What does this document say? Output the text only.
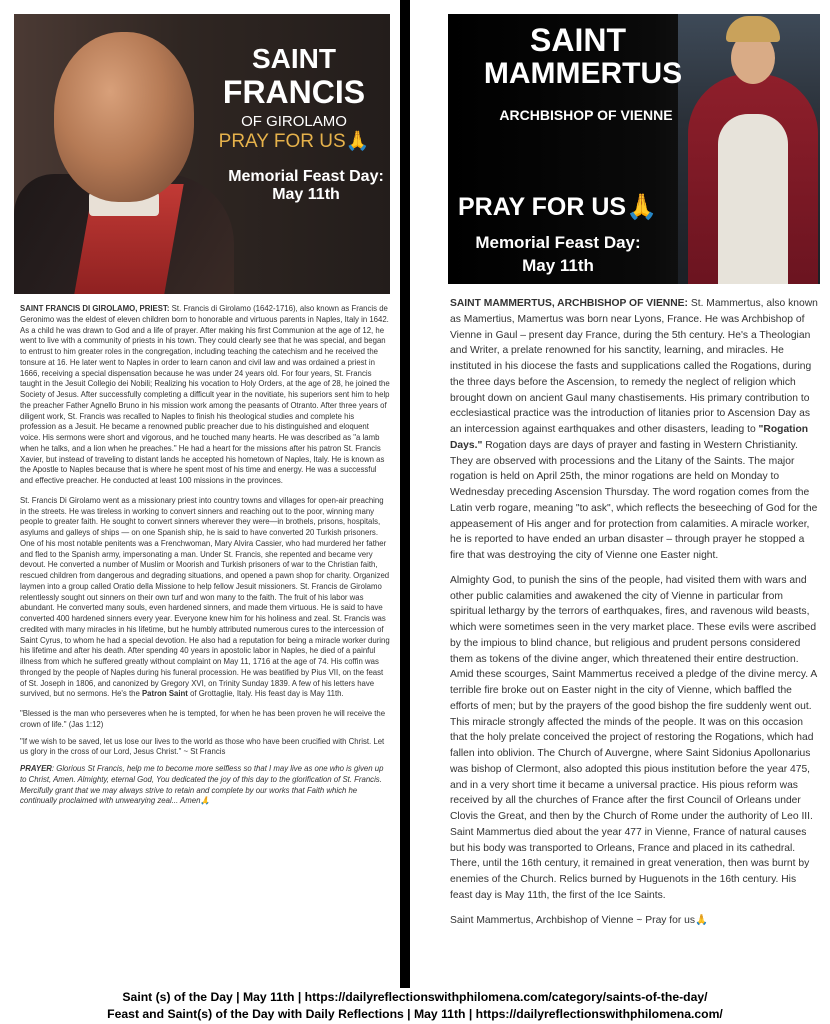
SAINT
FRANCIS
OF GIROLAMO
PRAY FOR US🙏
Memorial Feast Day:
May 11th

SAINT FRANCIS DI GIROLAMO, PRIEST: St. Francis di Girolamo (1642-1716), also known as Francis de Geronimo was the eldest of eleven children born to honorable and virtuous parents in Naples, Italy in 1642. As a child he was drawn to God and a life of prayer. After making his first Communion at the age of 12, he went to live with a community of priests in his town. They could clearly see that he was special, and began to entrust to him greater roles in the congregation, including teaching the catechism and he received the tonsure at 16. He later went to Naples in order to learn canon and civil law and was ordained a priest in 1666, receiving a special dispensation because he was under 24 years old. For four years, St. Francis taught in the Jesuit Collegio dei Nobili; Realizing his vocation to Holy Orders, at the age of 28, he joined the Society of Jesus. After successfully completing a difficult year in the novitiate, his superiors sent him to help the preacher Father Agnello Bruno in his mission work among the peasants of Otranto. After three years of diligent work, St. Francis was recalled to Naples to finish his theological studies and complete his profession as a Jesuit. He became a renowned public preacher due to his distinguished and eloquent voice. His sermons were short and vigorous, and he touched many hearts. He was described as "a lamb when he talks, and a lion when he preaches." He had a heart for the missions after his patron St. Francis Xavier, but instead of traveling to distant lands he accepted his hometown of Naples, Italy. He is known as the Apostle to Naples because that is where he spent most of his time and energy. He was a successful and effective preacher. He conducted at least 100 missions in the provinces.

St. Francis Di Girolamo went as a missionary priest into country towns and villages for open-air preaching in the streets. He was tireless in working to convert sinners and reaching out to the poor, winning many people to greater faith. He sought to convert sinners wherever they were—in brothels, prisons, hospitals, asylums and galleys of ships — on one Spanish ship, he is said to have converted 20 Turkish prisoners. One of his most notable penitents was a Frenchwoman, Mary Alvira Cassier, who had murdered her father and fled to the Spanish army, impersonating a man. Under St. Francis, she repented and became very devout. He converted a number of Muslim or Moorish and Turkish prisoners of war to the Christian faith, rescued children from dangerous and degrading situations, and opened a pawn shop for charity. Organized laymen into a group called Oratio della Missione to help fellow Jesuit missioners. St. Francis de Girolamo relentlessly sought out sinners on their own turf and won many to the faith. The fruit of his labor was abundant. He converted many souls, even hardened sinners, and made them virtuous. He is said to have converted 400 hardened sinners every year. Everyone knew him for his holiness and zeal. St. Francis was credited with many miracles in his lifetime, but he humbly attributed numerous cures to the intercession of Saint Cyrus, to whom he had a special devotion. He also had a reputation for being a miracle worker during his lifetime and after his death. After spending 40 years in apostolic labor in Naples, he died of a painful illness from which he suffered greatly without complaint on May 11, 1716 at the age of 74. His coffin was thronged by the people of Naples during his funeral procession. He was beatified by Pius VII, on the feast of St. Joseph in 1806, and canonized by Gregory XVI, on Trinity Sunday 1839. A few of his letters have survived, but no sermons. He's the Patron Saint of Grottaglie, Italy. His feast day is May 11th.

"Blessed is the man who perseveres when he is tempted, for when he has been proven he will receive the crown of life." (Jas 1:12)

"If we wish to be saved, let us lose our lives to the world as those who have been crucified with Christ. Let us glory in the cross of our Lord, Jesus Christ." ~ St Francis

PRAYER: Glorious St Francis, help me to become more selfless so that I may live as one who is given up to Christ, Amen. Almighty, eternal God, You dedicated the joy of this day to the glorification of St. Francis. Mercifully grant that we may always strive to retain and complete by our works that Faith which he continually proclaimed with unwearying zeal... Amen🙏

SAINT
MAMMERTUS
ARCHBISHOP OF VIENNE
PRAY FOR US🙏
Memorial Feast Day:
May 11th

SAINT MAMMERTUS, ARCHBISHOP OF VIENNE: St. Mammertus, also known as Mamertius, Mamertus was born near Lyons, France. He was Archbishop of Vienne in Gaul – present day France, during the 5th century. He's a Theologian and Writer, a prelate renowned for his sanctity, learning, and miracles. He instituted in his diocese the fasts and supplications called the Rogations, during the three days before the Ascension, to remedy the neglect of religion which brought down on ancient Gaul many chastisements. His primary contribution to ecclesiastical practice was the introduction of litanies prior to Ascension Day as an intercession against earthquakes and other disasters, leading to "Rogation Days." Rogation days are days of prayer and fasting in Western Christianity. They are observed with processions and the Litany of the Saints. The major rogation is held on April 25th, the minor rogations are held on Monday to Wednesday preceding Ascension Thursday. The word rogation comes from the Latin verb rogare, meaning "to ask", which reflects the beseeching of God for the appeasement of His anger and for protection from calamities. A miracle worker, he is reported to have ended an urban disaster – through prayer he stopped a fire that was destroying the city of Vienne one Easter night.

Almighty God, to punish the sins of the people, had visited them with wars and other public calamities and awakened the city of Vienne in particular from spiritual lethargy by the terrors of earthquakes, fires, and ravenous wild beasts, which were sometimes seen in the very market place. These evils were ascribed by the impious to blind chance, but religious and prudent persons considered them as tokens of the divine anger, which threatened their entire destruction. Amid these scourges, Saint Mammertus received a pledge of the divine mercy. A terrible fire broke out on Easter night in the city of Vienne, which baffled the efforts of men; but by the prayers of the good bishop the fire suddenly went out. This miracle strongly affected the minds of the people. It was on this occasion that the holy prelate conceived the project of restoring the Rogations, which had fallen into oblivion. The Church of Auvergne, where Saint Sidonius Apollonarius was bishop of Clermont, also adopted this pious institution before the year 475, and in a very short time it became a universal practice. His pious reform was received by all the churches of France after the first Council of Orleans under Clovis the Great, and then by the Church of Rome under the authority of Leo III. Saint Mammertus died about the year 477 in Vienne, France of natural causes but his body was transported to Orleans, France and placed in its cathedral. There, until the 16th century, it remained in great veneration, then was burnt by enemies of the Church. Relics burned by Huguenots in the 16th century. His feast day is May 11th, the first of the Ice Saints.

Saint Mammertus, Archbishop of Vienne ~ Pray for us🙏

Saint (s) of the Day | May 11th | https://dailyreflectionswithphilomena.com/category/saints-of-the-day/
Feast and Saint(s) of the Day with Daily Reflections | May 11th | https://dailyreflectionswithphilomena.com/
